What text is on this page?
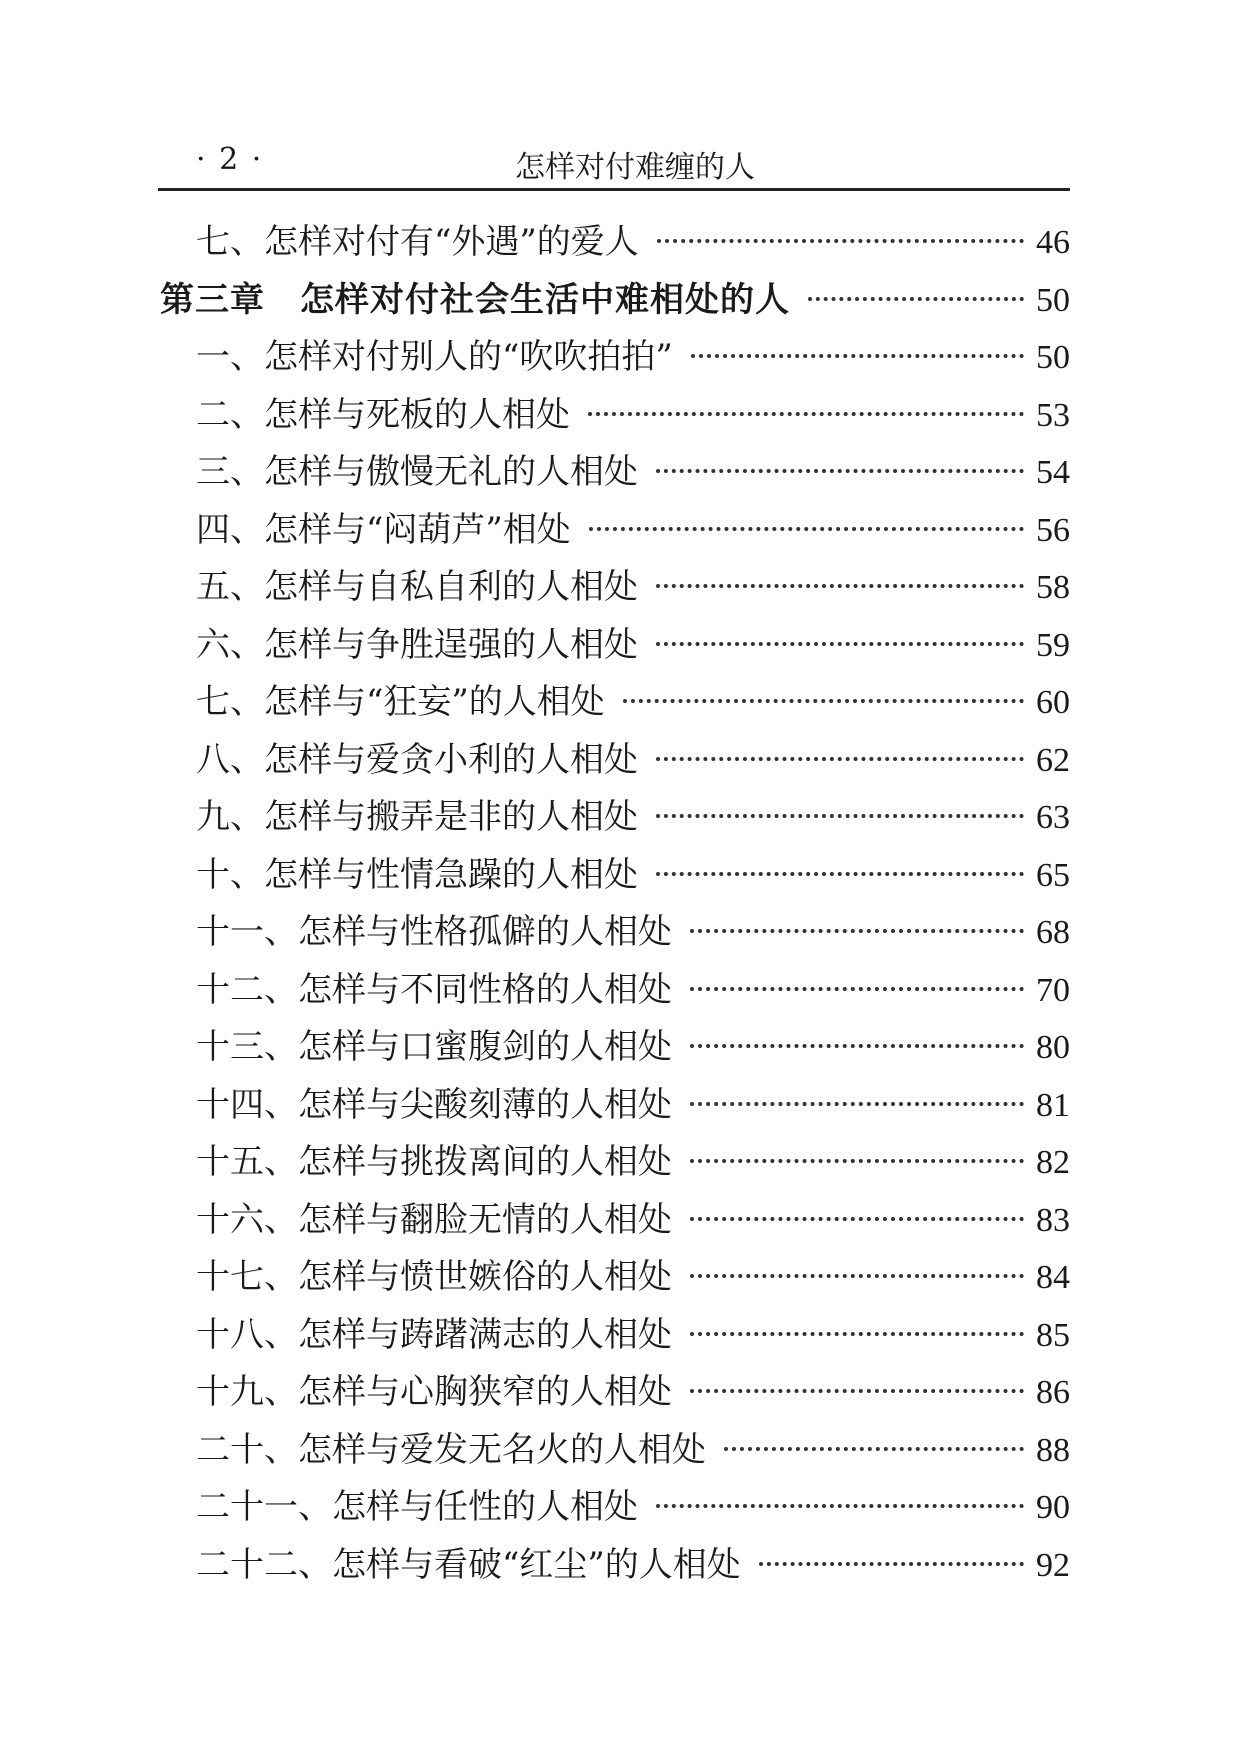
· 2 ·	怎样对付难缠的人
七、怎样对付有“外遇”的爱人	46
第三章　怎样对付社会生活中难相处的人	50
一、怎样对付别人的“吹吹拍拍”	50
二、怎样与死板的人相处	53
三、怎样与傲慢无礼的人相处	54
四、怎样与“闷葫芦”相处	56
五、怎样与自私自利的人相处	58
六、怎样与争胜逞强的人相处	59
七、怎样与“狂妄”的人相处	60
八、怎样与爱贪小利的人相处	62
九、怎样与搬弄是非的人相处	63
十、怎样与性情急躁的人相处	65
十一、怎样与性格孤僻的人相处	68
十二、怎样与不同性格的人相处	70
十三、怎样与口蜜腹剑的人相处	80
十四、怎样与尖酸刻薄的人相处	81
十五、怎样与挑拨离间的人相处	82
十六、怎样与翻脸无情的人相处	83
十七、怎样与愤世嫉俗的人相处	84
十八、怎样与踌躇满志的人相处	85
十九、怎样与心胸狭窄的人相处	86
二十、怎样与爱发无名火的人相处	88
二十一、怎样与任性的人相处	90
二十二、怎样与看破“红尘”的人相处	92
